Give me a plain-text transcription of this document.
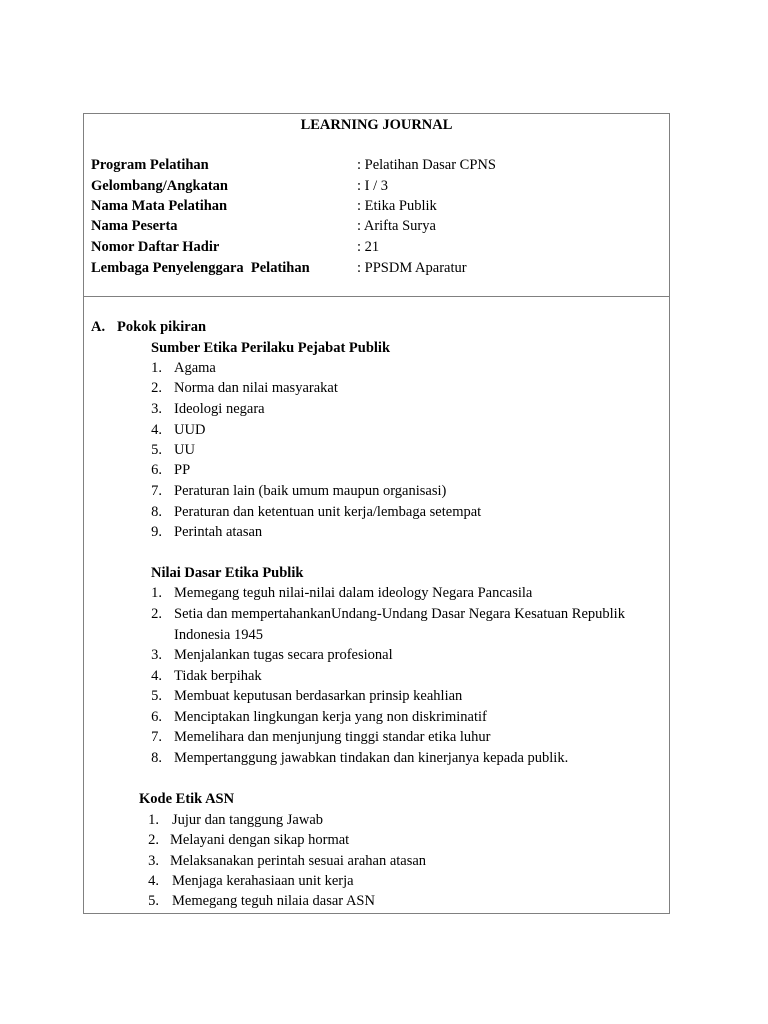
LEARNING JOURNAL
Program Pelatihan	: Pelatihan Dasar CPNS
Gelombang/Angkatan	: I / 3
Nama Mata Pelatihan	: Etika Publik
Nama Peserta	: Arifta Surya
Nomor Daftar Hadir	: 21
Lembaga Penyelenggara  Pelatihan	: PPSDM Aparatur
A. Pokok pikiran
Sumber Etika Perilaku Pejabat Publik
1. Agama
2. Norma dan nilai masyarakat
3. Ideologi negara
4. UUD
5. UU
6. PP
7. Peraturan lain (baik umum maupun organisasi)
8. Peraturan dan ketentuan unit kerja/lembaga setempat
9. Perintah atasan
Nilai Dasar Etika Publik
1. Memegang teguh nilai-nilai dalam ideology Negara Pancasila
2. Setia dan mempertahankanUndang-Undang Dasar Negara Kesatuan Republik
Indonesia 1945
3. Menjalankan tugas secara profesional
4. Tidak berpihak
5. Membuat keputusan berdasarkan prinsip keahlian
6. Menciptakan lingkungan kerja yang non diskriminatif
7. Memelihara dan menjunjung tinggi standar etika luhur
8. Mempertanggung jawabkan tindakan dan kinerjanya kepada publik.
Kode Etik ASN
1. Jujur dan tanggung Jawab
2. Melayani dengan sikap hormat
3. Melaksanakan perintah sesuai arahan atasan
4. Menjaga kerahasiaan unit kerja
5. Memegang teguh nilaia dasar ASN
